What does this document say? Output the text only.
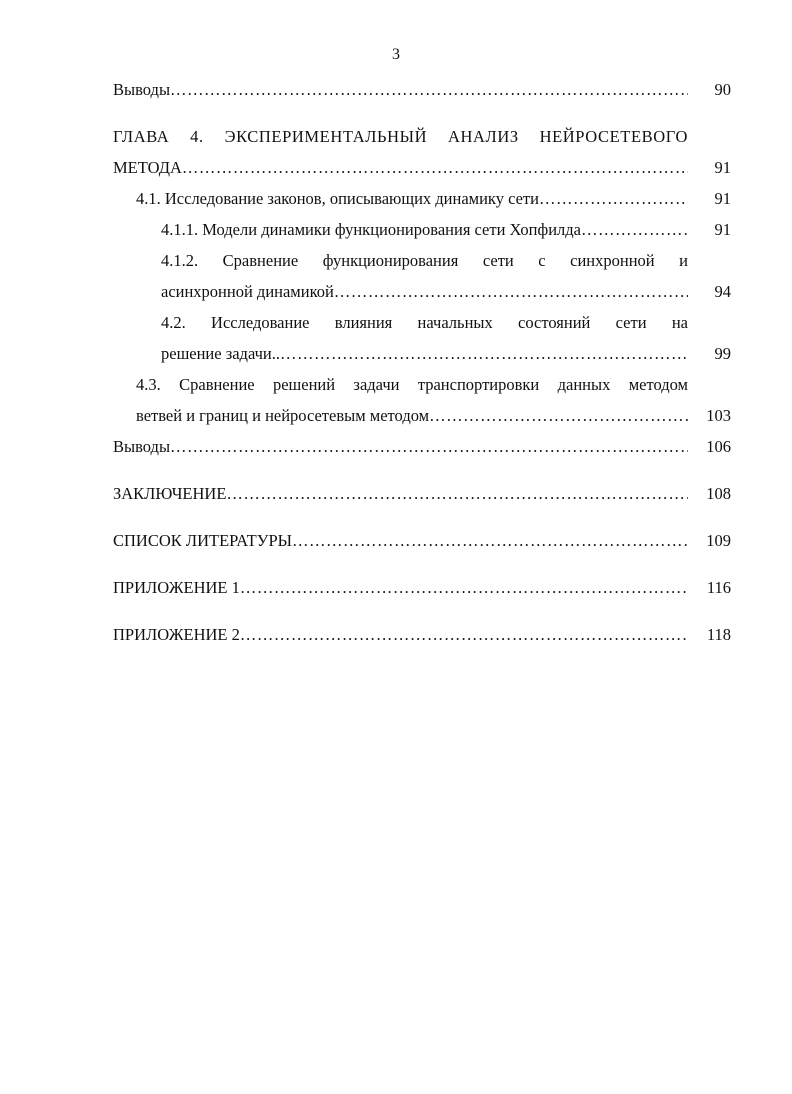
3
Выводы …………………………………………………………………………………………………………………………………………………………………………………………………………	90
ГЛАВА 4. ЭКСПЕРИМЕНТАЛЬНЫЙ АНАЛИЗ НЕЙРОСЕТЕВОГО
МЕТОДА …………………………………………………………………………………………………………………………………………………………………………………………………………	91
4.1. Исследование законов, описывающих динамику сети …………………………………………………………………………………………………………………………………………………………………………………………………………	91
4.1.1. Модели динамики функционирования сети Хопфилда …………………………………………………………………………………………………………………………………………………………………………………………………………	91
4.1.2. Сравнение функционирования сети с синхронной и
асинхронной динамикой …………………………………………………………………………………………………………………………………………………………………………………………………………	94
4.2. Исследование влияния начальных состояний сети на
решение задачи.. …………………………………………………………………………………………………………………………………………………………………………………………………………	99
4.3. Сравнение решений задачи транспортировки данных методом
ветвей и границ и нейросетевым методом …………………………………………………………………………………………………………………………………………………………………………………………………………	103
Выводы …………………………………………………………………………………………………………………………………………………………………………………………………………	106
ЗАКЛЮЧЕНИЕ …………………………………………………………………………………………………………………………………………………………………………………………………………	108
СПИСОК ЛИТЕРАТУРЫ …………………………………………………………………………………………………………………………………………………………………………………………………………	109
ПРИЛОЖЕНИЕ 1 …………………………………………………………………………………………………………………………………………………………………………………………………………	116
ПРИЛОЖЕНИЕ 2 …………………………………………………………………………………………………………………………………………………………………………………………………………	118
